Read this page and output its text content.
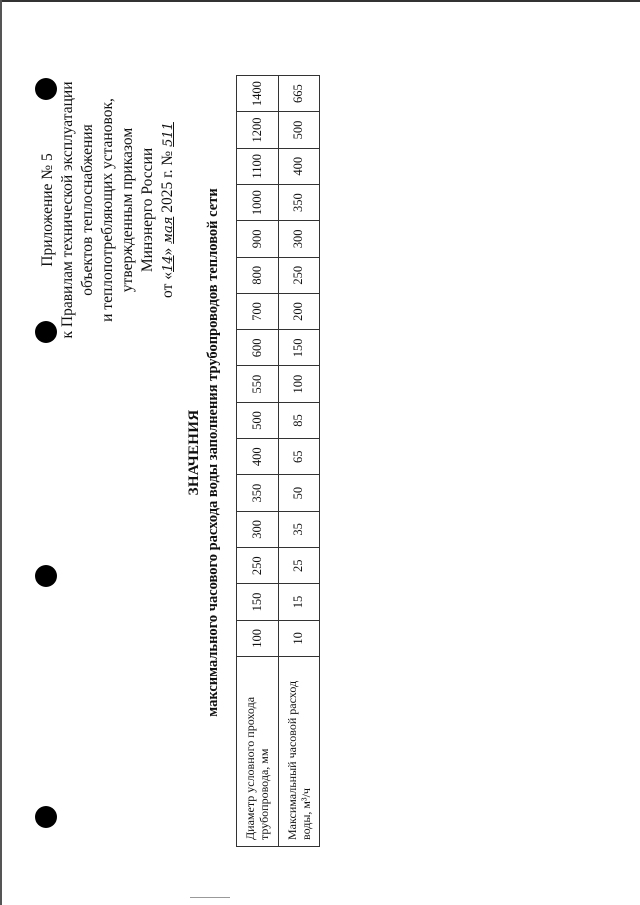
Приложение № 5 к Правилам технической эксплуатации объектов теплоснабжения и теплопотребляющих установок, утвержденным приказом Минэнерго России
от «14» мая 2025 г. № 511
ЗНАЧЕНИЯ максимального часового расхода воды заполнения трубопроводов тепловой сети
Диаметр условного прохода трубопровода, мм	100	150	250	300	350	400	500	550	600	700	800	900	1000	1100	1200	1400
Максимальный часовой расход воды, м³/ч	10	15	25	35	50	65	85	100	150	200	250	300	350	400	500	665
